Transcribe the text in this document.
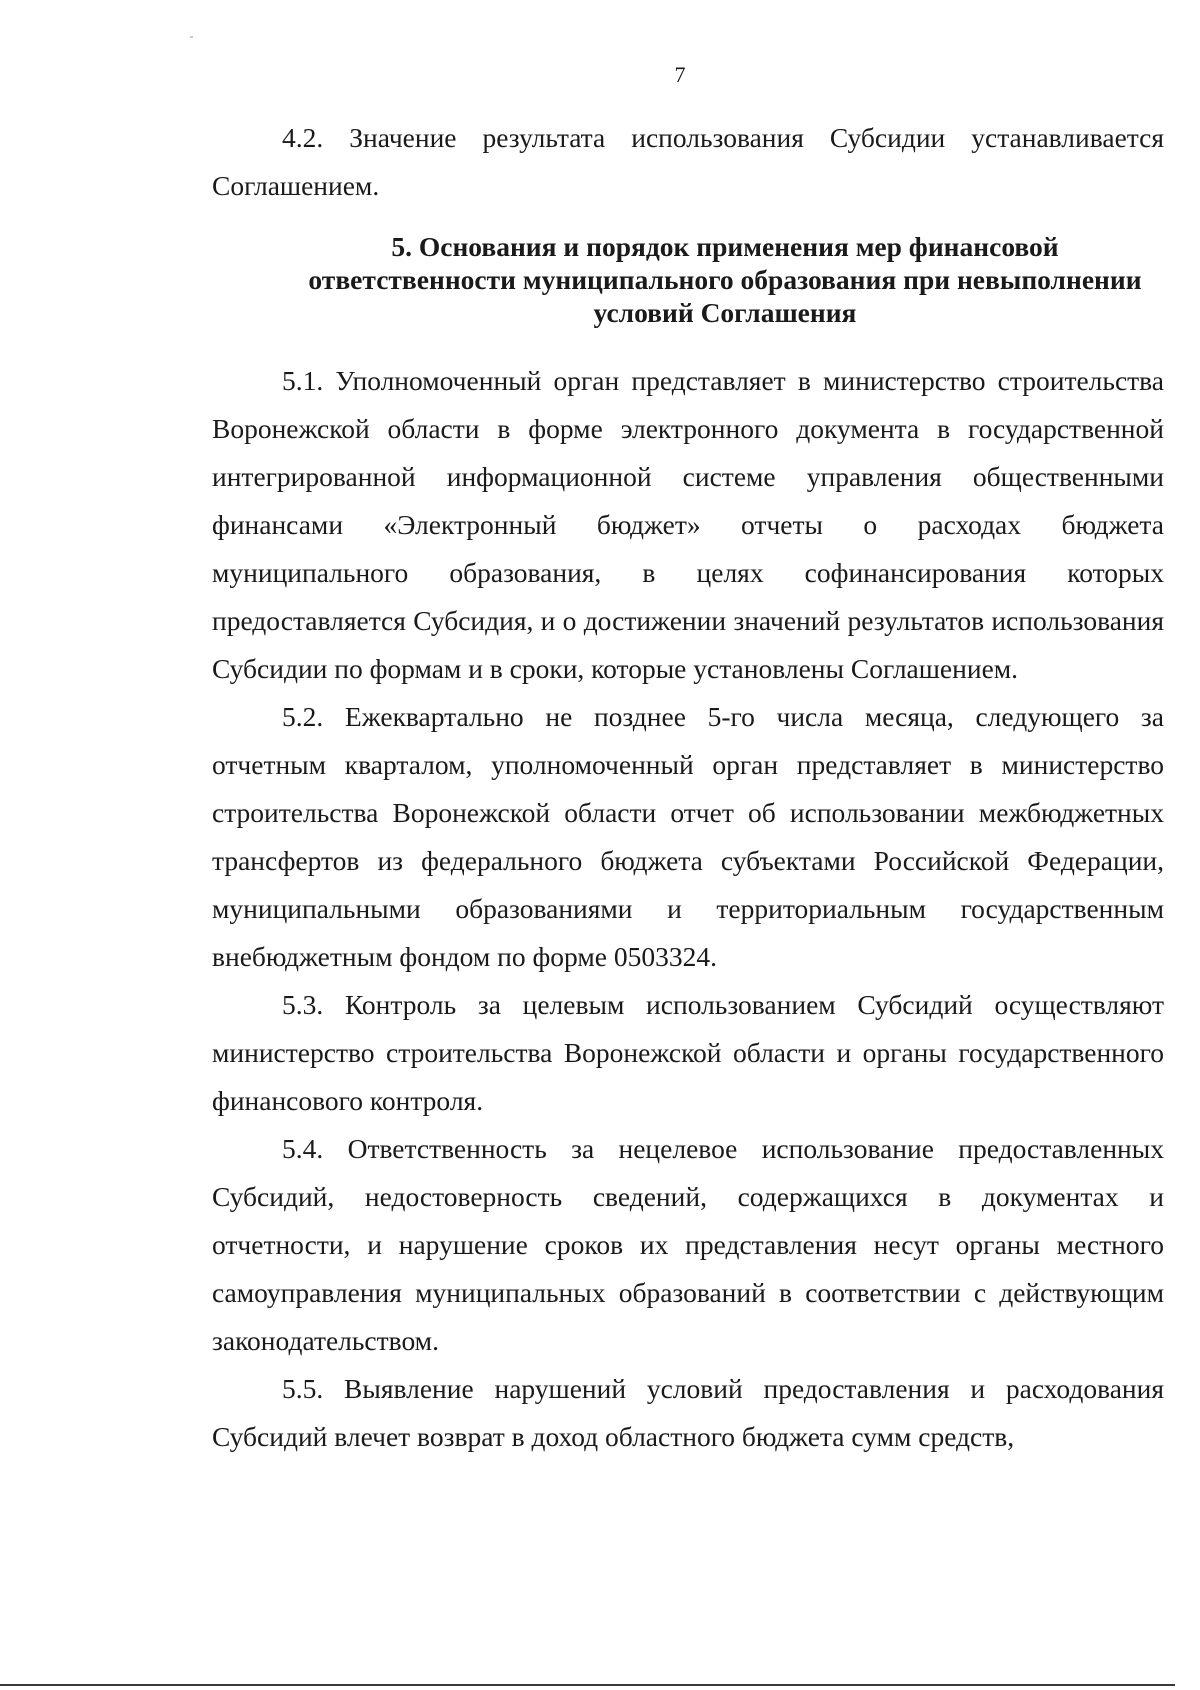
7

4.2. Значение результата использования Субсидии устанавливается Соглашением.

5. Основания и порядок применения мер финансовой
ответственности муниципального образования при невыполнении
условий Соглашения

5.1. Уполномоченный орган представляет в министерство строительства Воронежской области в форме электронного документа в государственной интегрированной информационной системе управления общественными финансами «Электронный бюджет» отчеты о расходах бюджета муниципального образования, в целях софинансирования которых предоставляется Субсидия, и о достижении значений результатов использования Субсидии по формам и в сроки, которые установлены Соглашением.

5.2. Ежеквартально не позднее 5-го числа месяца, следующего за отчетным кварталом, уполномоченный орган представляет в министерство строительства Воронежской области отчет об использовании межбюджетных трансфертов из федерального бюджета субъектами Российской Федерации, муниципальными образованиями и территориальным государственным внебюджетным фондом по форме 0503324.

5.3. Контроль за целевым использованием Субсидий осуществляют министерство строительства Воронежской области и органы государственного финансового контроля.

5.4. Ответственность за нецелевое использование предоставленных Субсидий, недостоверность сведений, содержащихся в документах и отчетности, и нарушение сроков их представления несут органы местного самоуправления муниципальных образований в соответствии с действующим законодательством.

5.5. Выявление нарушений условий предоставления и расходования Субсидий влечет возврат в доход областного бюджета сумм средств,
